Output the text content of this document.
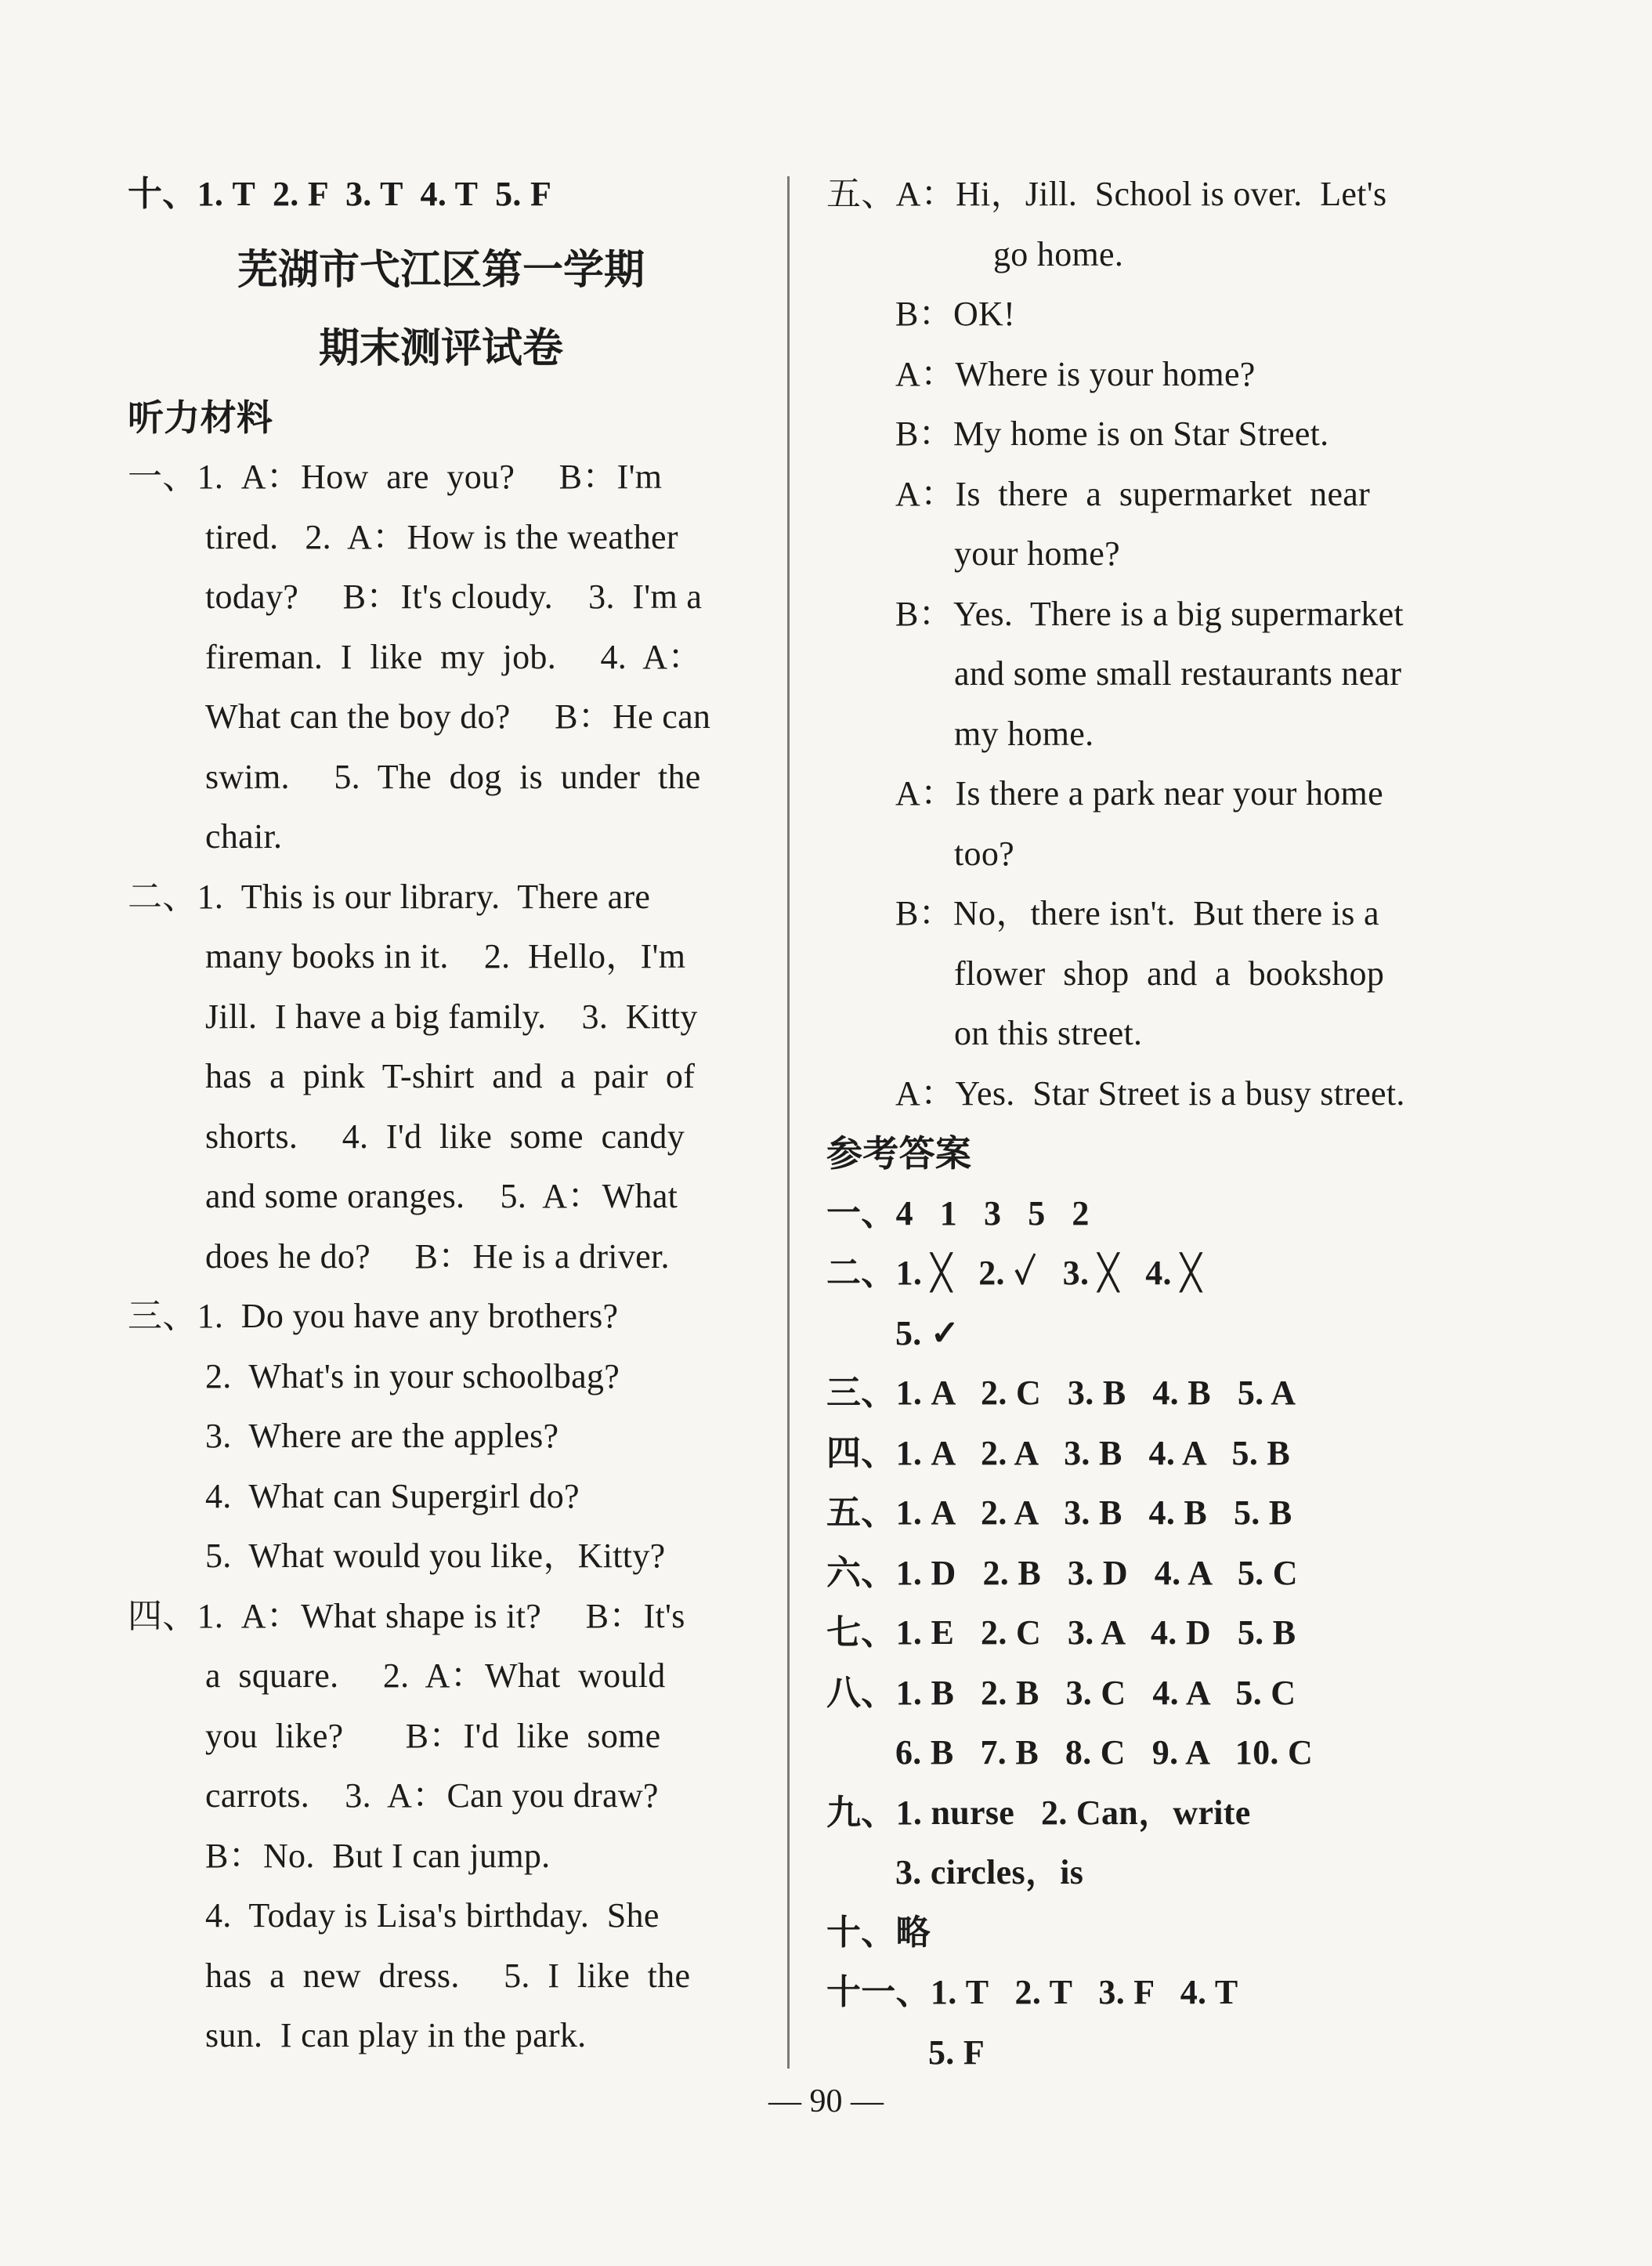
十、1. T  2. F  3. T  4. T  5. F
芜湖市弋江区第一学期
期末测评试卷
听力材料
一、1.  A：How  are  you?     B：I'm
tired.   2.  A：How is the weather
today?     B：It's cloudy.    3.  I'm a
fireman.  I  like  my  job.     4.  A：
What can the boy do?     B：He can
swim.     5.  The  dog  is  under  the
chair.
二、1.  This is our library.  There are
many books in it.    2.  Hello，I'm
Jill.  I have a big family.    3.  Kitty
has  a  pink  T-shirt  and  a  pair  of
shorts.     4.  I'd  like  some  candy
and some oranges.    5.  A：What
does he do?     B：He is a driver.
三、1.  Do you have any brothers?
2.  What's in your schoolbag?
3.  Where are the apples?
4.  What can Supergirl do?
5.  What would you like，Kitty?
四、1.  A：What shape is it?     B：It's
a  square.     2.  A：What  would
you  like?       B：I'd  like  some
carrots.    3.  A：Can you draw?
B：No.  But I can jump.
4.  Today is Lisa's birthday.  She
has  a  new  dress.     5.  I  like  the
sun.  I can play in the park.
五、A：Hi，Jill.  School is over.  Let's
go home.
B：OK!
A：Where is your home?
B：My home is on Star Street.
A：Is  there  a  supermarket  near
your home?
B：Yes.  There is a big supermarket
and some small restaurants near
my home.
A：Is there a park near your home
too?
B：No，there isn't.  But there is a
flower  shop  and  a  bookshop
on this street.
A：Yes.  Star Street is a busy street.
参考答案
一、4   1   3   5   2
二、1. ╳   2. ✓   3. ╳   4. ╳
5. ✓
三、1. A   2. C   3. B   4. B   5. A
四、1. A   2. A   3. B   4. A   5. B
五、1. A   2. A   3. B   4. B   5. B
六、1. D   2. B   3. D   4. A   5. C
七、1. E   2. C   3. A   4. D   5. B
八、1. B   2. B   3. C   4. A   5. C
6. B   7. B   8. C   9. A   10. C
九、1. nurse   2. Can，write
3. circles，is
十、略
十一、1. T   2. T   3. F   4. T
5. F
— 90 —
